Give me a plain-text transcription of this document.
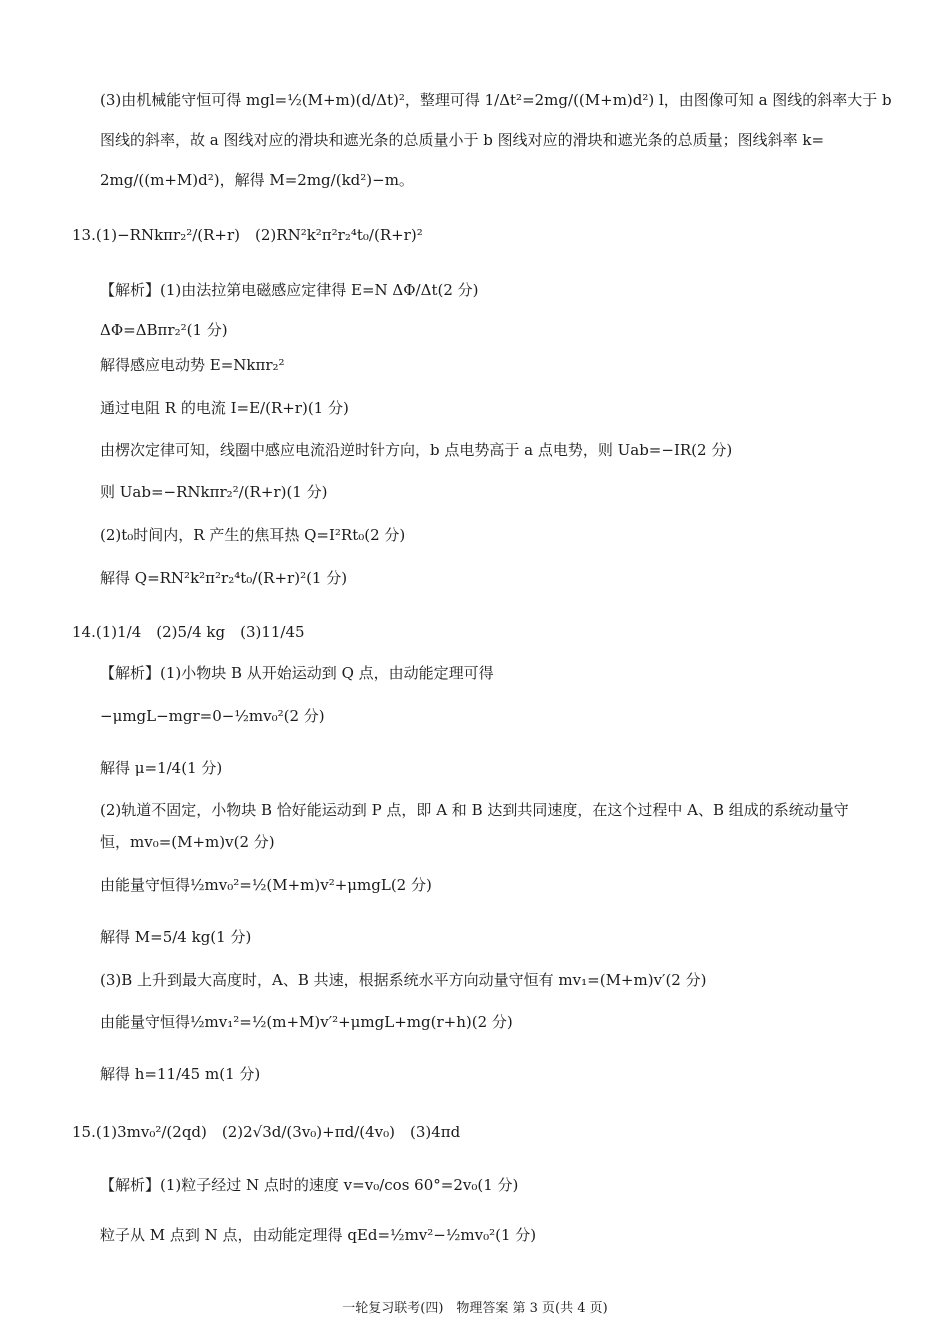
(3)由机械能守恒可得 mgl=½(M+m)(d/Δt)²，整理可得 1/Δt²=2mg/((M+m)d²) l，由图像可知 a 图线的斜率大于 b
图线的斜率，故 a 图线对应的滑块和遮光条的总质量小于 b 图线对应的滑块和遮光条的总质量；图线斜率 k=
2mg/((m+M)d²)，解得 M=2mg/(kd²)−m。
13.(1)−RNkπr₂²/(R+r)　(2)RN²k²π²r₂⁴t₀/(R+r)²
【解析】(1)由法拉第电磁感应定律得 E=N ΔΦ/Δt(2 分)
ΔΦ=ΔBπr₂²(1 分)
解得感应电动势 E=Nkπr₂²
通过电阻 R 的电流 I=E/(R+r)(1 分)
由楞次定律可知，线圈中感应电流沿逆时针方向，b 点电势高于 a 点电势，则 Uab=−IR(2 分)
则 Uab=−RNkπr₂²/(R+r)(1 分)
(2)t₀时间内，R 产生的焦耳热 Q=I²Rt₀(2 分)
解得 Q=RN²k²π²r₂⁴t₀/(R+r)²(1 分)
14.(1)1/4　(2)5/4 kg　(3)11/45
【解析】(1)小物块 B 从开始运动到 Q 点，由动能定理可得
−μmgL−mgr=0−½mv₀²(2 分)
解得 μ=1/4(1 分)
(2)轨道不固定，小物块 B 恰好能运动到 P 点，即 A 和 B 达到共同速度，在这个过程中 A、B 组成的系统动量守
恒，mv₀=(M+m)v(2 分)
由能量守恒得½mv₀²=½(M+m)v²+μmgL(2 分)
解得 M=5/4 kg(1 分)
(3)B 上升到最大高度时，A、B 共速，根据系统水平方向动量守恒有 mv₁=(M+m)v′(2 分)
由能量守恒得½mv₁²=½(m+M)v′²+μmgL+mg(r+h)(2 分)
解得 h=11/45 m(1 分)
15.(1)3mv₀²/(2qd)　(2)2√3d/(3v₀)+πd/(4v₀)　(3)4πd
【解析】(1)粒子经过 N 点时的速度 v=v₀/cos 60°=2v₀(1 分)
粒子从 M 点到 N 点，由动能定理得 qEd=½mv²−½mv₀²(1 分)
一轮复习联考(四)　物理答案 第 3 页(共 4 页)
